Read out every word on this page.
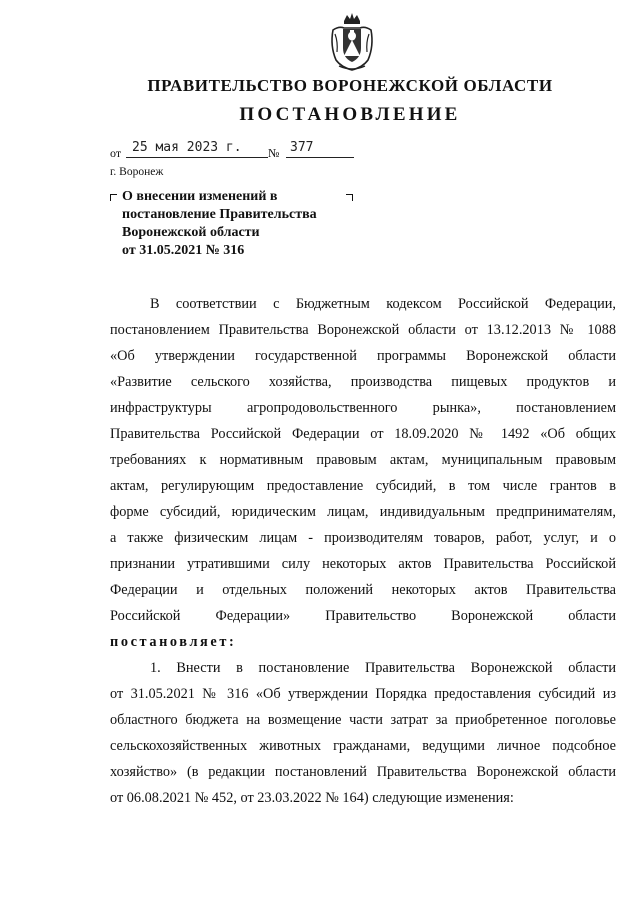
ПРАВИТЕЛЬСТВО ВОРОНЕЖСКОЙ ОБЛАСТИ
ПОСТАНОВЛЕНИЕ
от 25 мая 2023 г. № 377
г. Воронеж
О внесении изменений в
постановление Правительства
Воронежской области
от 31.05.2021 № 316
В соответствии с Бюджетным кодексом Российской Федерации,
постановлением Правительства Воронежской области от 13.12.2013 № 1088
«Об утверждении государственной программы Воронежской области
«Развитие сельского хозяйства, производства пищевых продуктов и
инфраструктуры агропродовольственного рынка», постановлением
Правительства Российской Федерации от 18.09.2020 № 1492 «Об общих
требованиях к нормативным правовым актам, муниципальным правовым
актам, регулирующим предоставление субсидий, в том числе грантов в
форме субсидий, юридическим лицам, индивидуальным предпринимателям,
а также физическим лицам - производителям товаров, работ, услуг, и о
признании утратившими силу некоторых актов Правительства Российской
Федерации и отдельных положений некоторых актов Правительства
Российской Федерации» Правительство Воронежской области
постановляет:
1. Внести в постановление Правительства Воронежской области
от 31.05.2021 № 316 «Об утверждении Порядка предоставления субсидий из
областного бюджета на возмещение части затрат за приобретенное поголовье
сельскохозяйственных животных гражданами, ведущими личное подсобное
хозяйство» (в редакции постановлений Правительства Воронежской области
от 06.08.2021 № 452, от 23.03.2022 № 164) следующие изменения:
